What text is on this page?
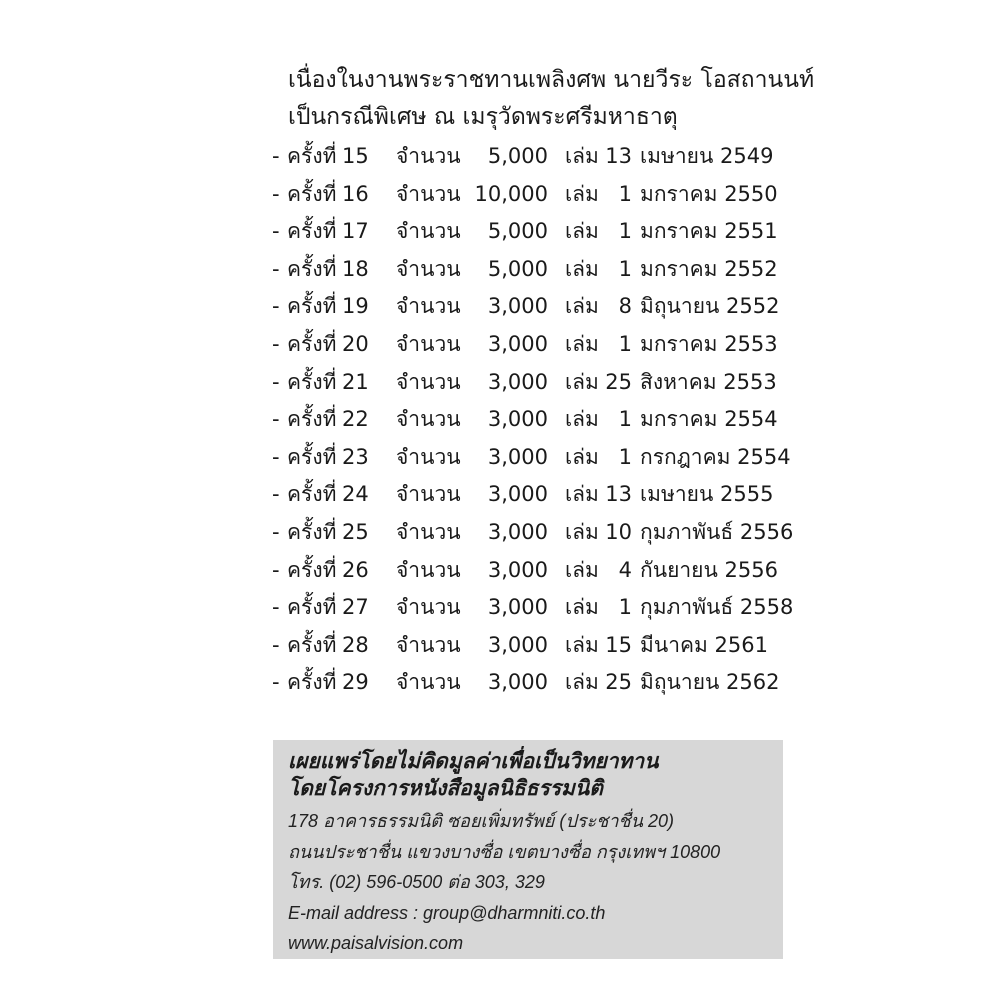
เนื่องในงานพระราชทานเพลิงศพ นายวีระ โอสถานนท์
เป็นกรณีพิเศษ ณ เมรุวัดพระศรีมหาธาตุ
- ครั้งที่ 15 จำนวน	5,000 เล่ม 13 เมษายน 2549
- ครั้งที่ 16 จำนวน 10,000 เล่ม 1 มกราคม 2550
- ครั้งที่ 17 จำนวน	5,000 เล่ม 1 มกราคม 2551
- ครั้งที่ 18 จำนวน	5,000 เล่ม 1 มกราคม 2552
- ครั้งที่ 19 จำนวน	3,000 เล่ม 8 มิถุนายน 2552
- ครั้งที่ 20 จำนวน	3,000 เล่ม 1 มกราคม 2553
- ครั้งที่ 21 จำนวน	3,000 เล่ม 25 สิงหาคม 2553
- ครั้งที่ 22 จำนวน	3,000 เล่ม 1 มกราคม 2554
- ครั้งที่ 23 จำนวน	3,000 เล่ม 1 กรกฎาคม 2554
- ครั้งที่ 24 จำนวน	3,000 เล่ม 13 เมษายน 2555
- ครั้งที่ 25 จำนวน	3,000 เล่ม 10 กุมภาพันธ์ 2556
- ครั้งที่ 26 จำนวน	3,000 เล่ม 4 กันยายน 2556
- ครั้งที่ 27 จำนวน	3,000 เล่ม 1 กุมภาพันธ์ 2558
- ครั้งที่ 28 จำนวน	3,000 เล่ม 15 มีนาคม 2561
- ครั้งที่ 29 จำนวน	3,000 เล่ม 25 มิถุนายน 2562
เผยแพร่โดยไม่คิดมูลค่าเพื่อเป็นวิทยาทาน
โดยโครงการหนังสือมูลนิธิธรรมนิติ
178 อาคารธรรมนิติ ซอยเพิ่มทรัพย์ (ประชาชื่น 20)
ถนนประชาชื่น แขวงบางซื่อ เขตบางซื่อ กรุงเทพฯ 10800
โทร. (02) 596-0500 ต่อ 303, 329
E-mail address : group@dharmniti.co.th
www.paisalvision.com
